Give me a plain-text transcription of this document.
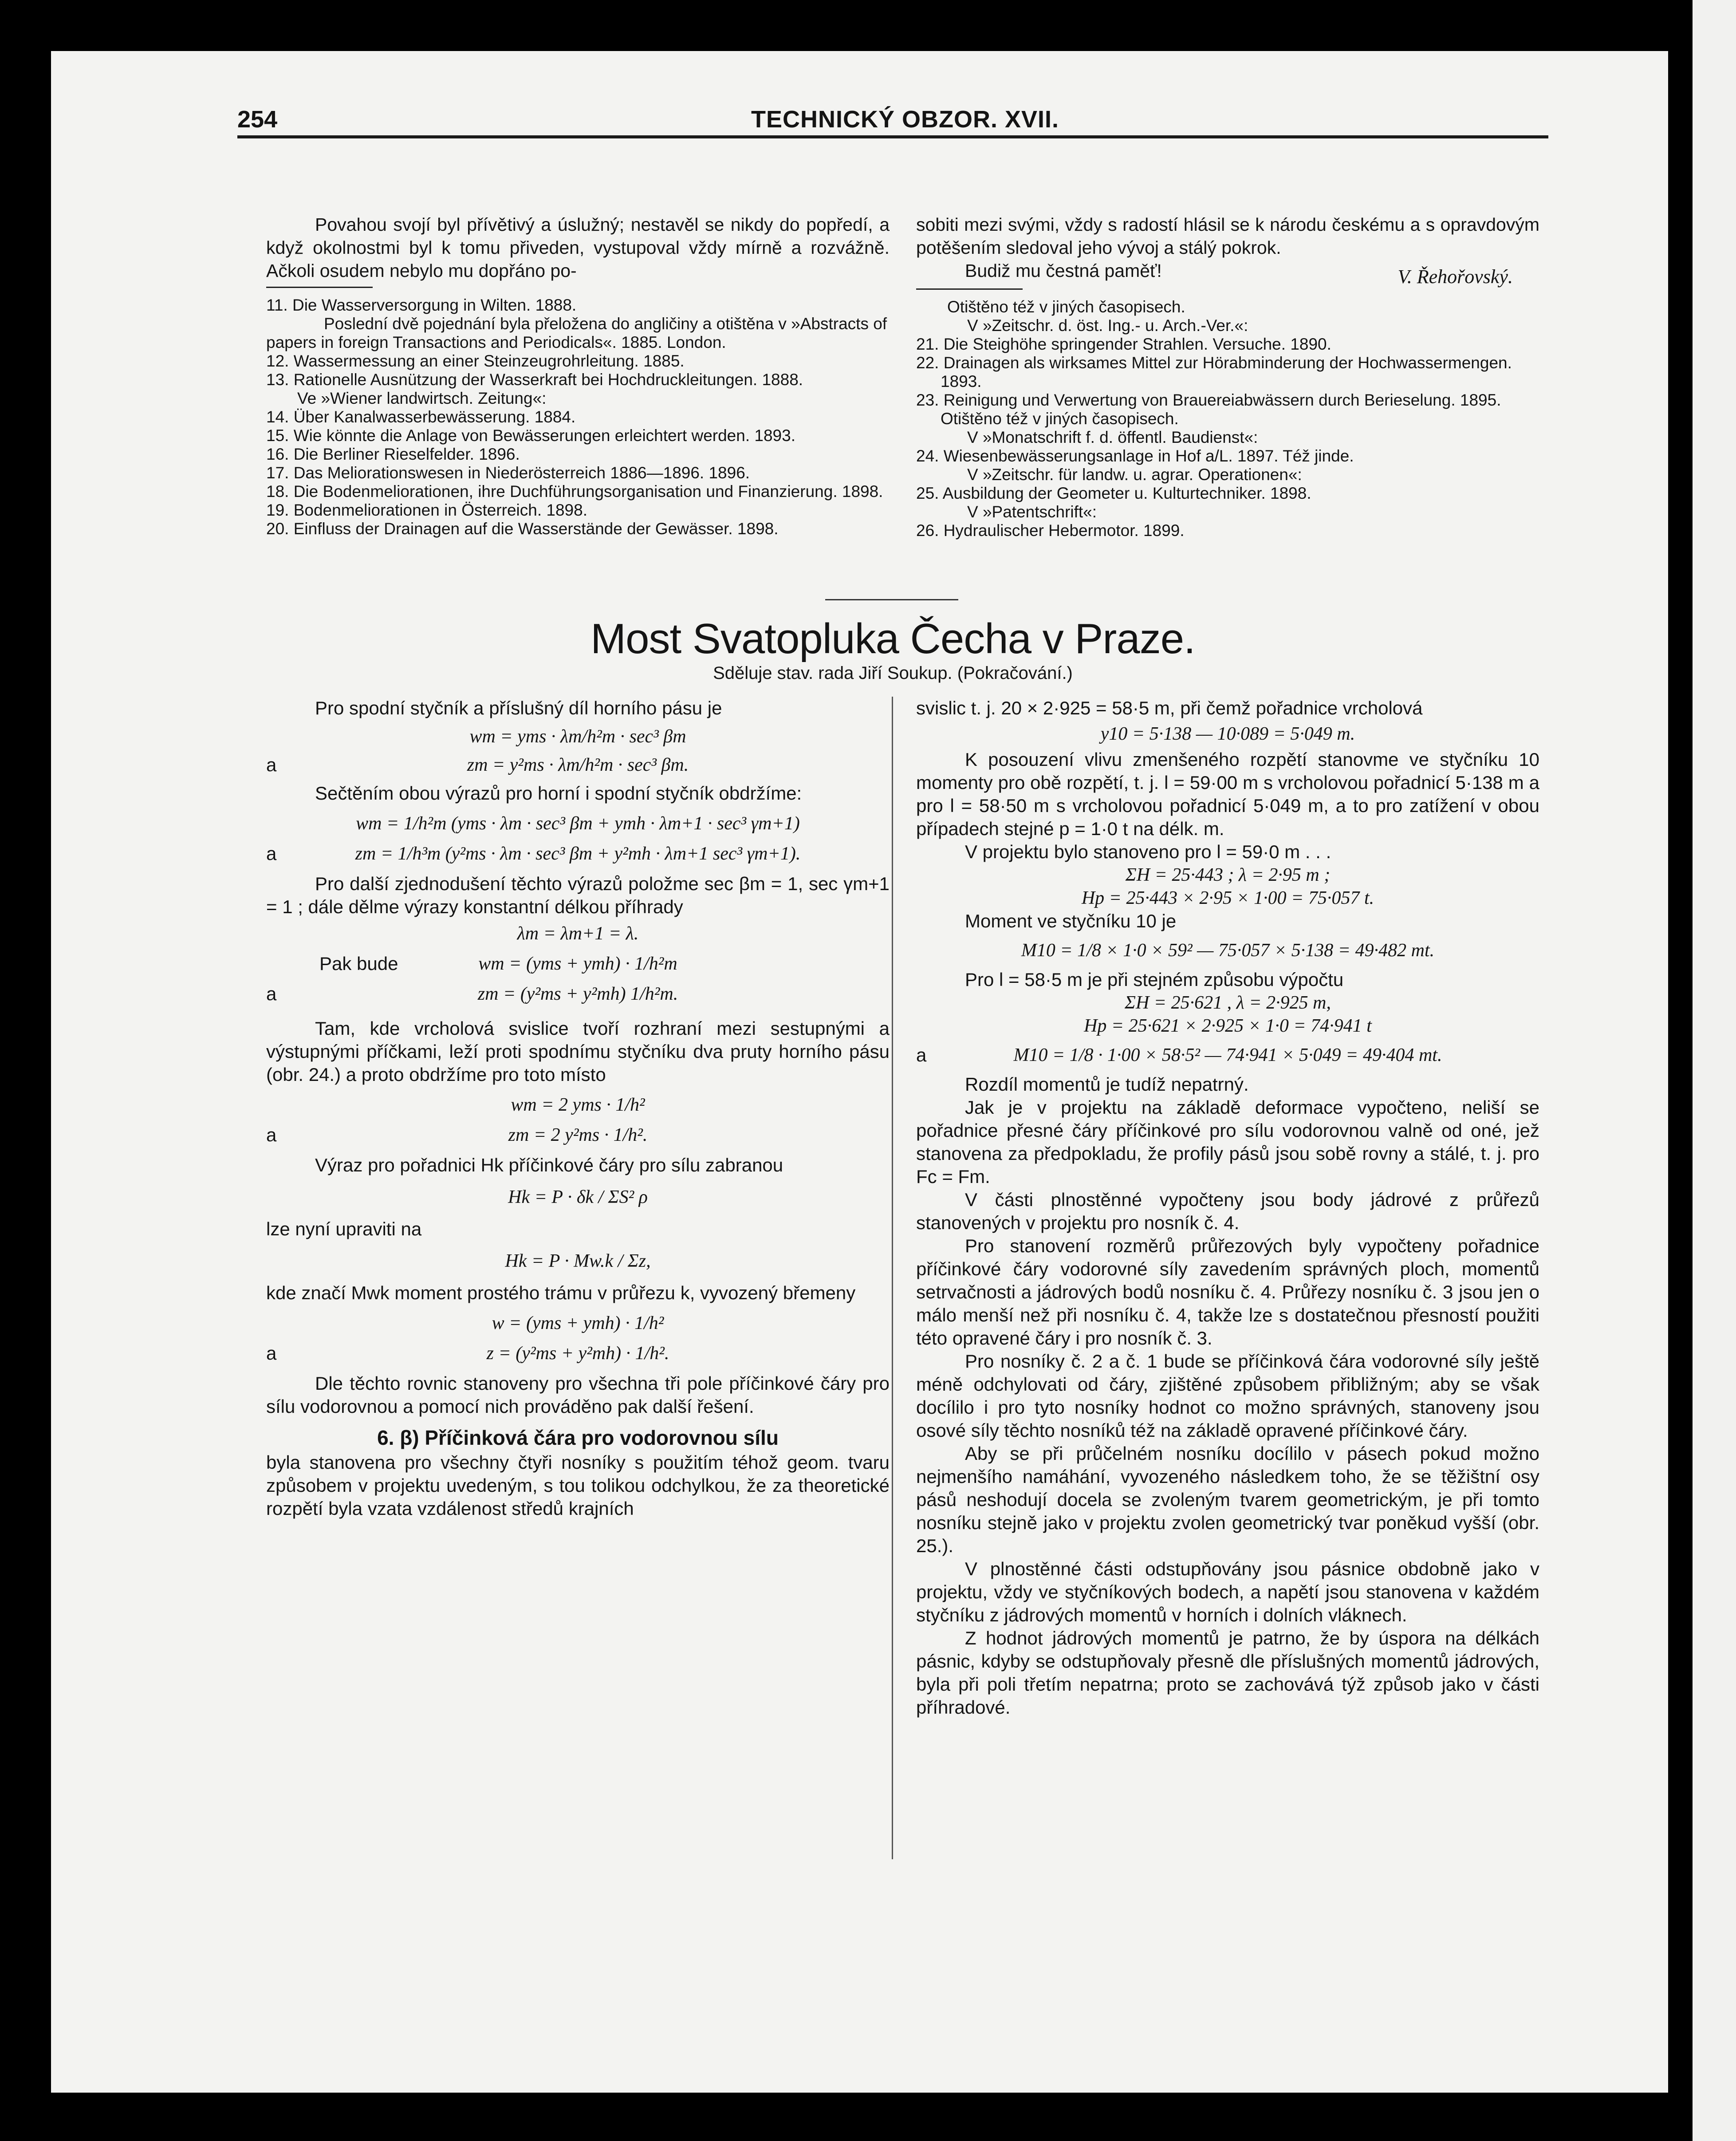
254	TECHNICKÝ OBZOR. XVII.

Povahou svojí byl přívětivý a úslužný; nestavěl se nikdy do popředí, a když okolnostmi byl k tomu přiveden, vystupoval vždy mírně a rozvážně. Ačkoli osudem nebylo mu dopřáno po-

11. Die Wasserversorgung in Wilten. 1888.

Poslední dvě pojednání byla přeložena do angličiny a otištěna v »Abstracts of papers in foreign Transactions and Periodicals«. 1885. London.

12. Wassermessung an einer Steinzeugrohrleitung. 1885.

13. Rationelle Ausnützung der Wasserkraft bei Hochdruckleitungen. 1888.

Ve »Wiener landwirtsch. Zeitung«:

14. Über Kanalwasserbewässerung. 1884.

15. Wie könnte die Anlage von Bewässerungen erleichtert werden. 1893.

16. Die Berliner Rieselfelder. 1896.

17. Das Meliorationswesen in Niederösterreich 1886—1896. 1896.

18. Die Bodenmeliorationen, ihre Duchführungsorganisation und Finanzierung. 1898.

19. Bodenmeliorationen in Österreich. 1898.

20. Einfluss der Drainagen auf die Wasserstände der Gewässer. 1898.

sobiti mezi svými, vždy s radostí hlásil se k národu českému a s opravdovým potěšením sledoval jeho vývoj a stálý pokrok.

Budiž mu čestná paměť!	V. Řehořovský.

Otištěno též v jiných časopisech.

V »Zeitschr. d. öst. Ing.- u. Arch.-Ver.«:

21. Die Steighöhe springender Strahlen. Versuche. 1890.

22. Drainagen als wirksames Mittel zur Hörabminderung der Hochwassermengen. 1893.

23. Reinigung und Verwertung von Brauereiabwässern durch Berieselung. 1895. Otištěno též v jiných časopisech.

V »Monatschrift f. d. öffentl. Baudienst«:

24. Wiesenbewässerungsanlage in Hof a/L. 1897. Též jinde.

V »Zeitschr. für landw. u. agrar. Operationen«:

25. Ausbildung der Geometer u. Kulturtechniker. 1898.

V »Patentschrift«:

26. Hydraulischer Hebermotor. 1899.

Most Svatopluka Čecha v Praze.
Sděluje stav. rada Jiří Soukup. (Pokračování.)

Pro spodní styčník a příslušný díl horního pásu je

wm = yms · λm/h²m · sec³ βm
a	zm = y²ms · λm/h²m · sec³ βm.

Sečtěním obou výrazů pro horní i spodní styčník obdržíme:

wm = 1/h²m (yms · λm · sec³ βm + ymh · λm+1 · sec³ γm+1)
a	zm = 1/h³m (y²ms · λm · sec³ βm + y²mh · λm+1 sec³ γm+1).

Pro další zjednodušení těchto výrazů položme sec βm = 1, sec γm+1 = 1 ; dále dělme výrazy konstantní délkou příhrady

λm = λm+1 = λ.
Pak bude	wm = (yms + ymh) · 1/h²m
a	zm = (y²ms + y²mh) 1/h²m.

Tam, kde vrcholová svislice tvoří rozhraní mezi sestupnými a výstupnými příčkami, leží proti spodnímu styčníku dva pruty horního pásu (obr. 24.) a proto obdržíme pro toto místo

wm = 2 yms · 1/h²
a	zm = 2 y²ms · 1/h².

Výraz pro pořadnici Hk příčinkové čáry pro sílu zabranou

Hk = P · δk / ΣS² ρ

lze nyní upraviti na

Hk = P · Mw.k / Σz,

kde značí Mwk moment prostého trámu v průřezu k, vyvozený břemeny

w = (yms + ymh) · 1/h²
a	z = (y²ms + y²mh) · 1/h².

Dle těchto rovnic stanoveny pro všechna tři pole příčinkové čáry pro sílu vodorovnou a pomocí nich prováděno pak další řešení.

6. β) Příčinková čára pro vodorovnou sílu

byla stanovena pro všechny čtyři nosníky s použitím téhož geom. tvaru způsobem v projektu uvedeným, s tou tolikou odchylkou, že za theoretické rozpětí byla vzata vzdálenost středů krajních

svislic t. j. 20 × 2·925 = 58·5 m, při čemž pořadnice vrcholová

y10 = 5·138 — 10·089 = 5·049 m.

K posouzení vlivu zmenšeného rozpětí stanovme ve styčníku 10 momenty pro obě rozpětí, t. j. l = 59·00 m s vrcholovou pořadnicí 5·138 m a pro l = 58·50 m s vrcholovou pořadnicí 5·049 m, a to pro zatížení v obou případech stejné p = 1·0 t na délk. m.

V projektu bylo stanoveno pro l = 59·0 m . . .

ΣH = 25·443 ; λ = 2·95 m ;
Hp = 25·443 × 2·95 × 1·00 = 75·057 t.

Moment ve styčníku 10 je

M10 = 1/8 × 1·0 × 59² — 75·057 × 5·138 = 49·482 mt.

Pro l = 58·5 m je při stejném způsobu výpočtu

ΣH = 25·621 , λ = 2·925 m,
Hp = 25·621 × 2·925 × 1·0 = 74·941 t
a	M10 = 1/8 · 1·00 × 58·5² — 74·941 × 5·049 = 49·404 mt.

Rozdíl momentů je tudíž nepatrný.

Jak je v projektu na základě deformace vypočteno, neliší se pořadnice přesné čáry příčinkové pro sílu vodorovnou valně od oné, jež stanovena za předpokladu, že profily pásů jsou sobě rovny a stálé, t. j. pro Fc = Fm.

V části plnostěnné vypočteny jsou body jádrové z průřezů stanovených v projektu pro nosník č. 4.

Pro stanovení rozměrů průřezových byly vypočteny pořadnice příčinkové čáry vodorovné síly zavedením správných ploch, momentů setrvačnosti a jádrových bodů nosníku č. 4. Průřezy nosníku č. 3 jsou jen o málo menší než při nosníku č. 4, takže lze s dostatečnou přesností použiti této opravené čáry i pro nosník č. 3.

Pro nosníky č. 2 a č. 1 bude se příčinková čára vodorovné síly ještě méně odchylovati od čáry, zjištěné způsobem přibližným; aby se však docílilo i pro tyto nosníky hodnot co možno správných, stanoveny jsou osové síly těchto nosníků též na základě opravené příčinkové čáry.

Aby se při průčelném nosníku docílilo v pásech pokud možno nejmenšího namáhání, vyvozeného následkem toho, že se těžištní osy pásů neshodují docela se zvoleným tvarem geometrickým, je při tomto nosníku stejně jako v projektu zvolen geometrický tvar poněkud vyšší (obr. 25.).

V plnostěnné části odstupňovány jsou pásnice obdobně jako v projektu, vždy ve styčníkových bodech, a napětí jsou stanovena v každém styčníku z jádrových momentů v horních i dolních vláknech.

Z hodnot jádrových momentů je patrno, že by úspora na délkách pásnic, kdyby se odstupňovaly přesně dle příslušných momentů jádrových, byla při poli třetím nepatrna; proto se zachovává týž způsob jako v části příhradové.
